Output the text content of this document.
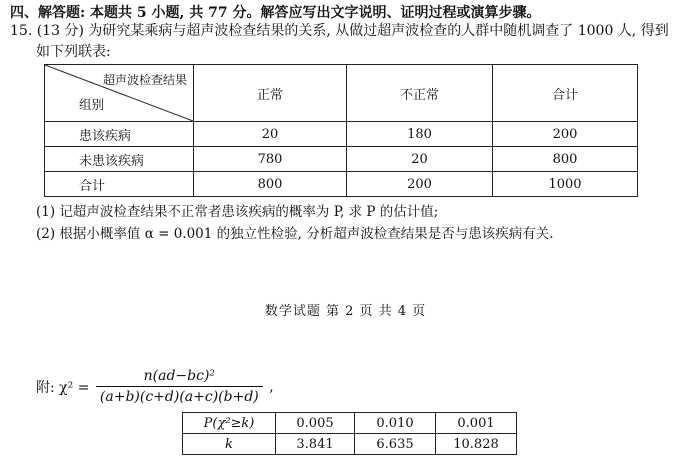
四、解答题: 本题共 5 小题, 共 77 分。解答应写出文字说明、证明过程或演算步骤。
15. (13 分) 为研究某乘病与超声波检查结果的关系, 从做过超声波检查的人群中随机调查了 1000 人, 得到
如下列联表:
超声波检查结果
组别	正常	不正常	合计
患该疾病	20	180	200
未患该疾病	780	20	800
合计	800	200	1000
(1) 记超声波检查结果不正常者患该疾病的概率为 P, 求 P 的估计值;
(2) 根据小概率值 α = 0.001 的独立性检验, 分析超声波检查结果是否与患该疾病有关.
数学试题 第 2 页 共 4 页
附: $\chi^2 = \frac{\text{n(ad−bc)²}}{(a+b)(c+d)(a+c)(b+d)}$ ,
P(χ²≥k)	0.005	0.010	0.001
k	3.841	6.635	10.828
